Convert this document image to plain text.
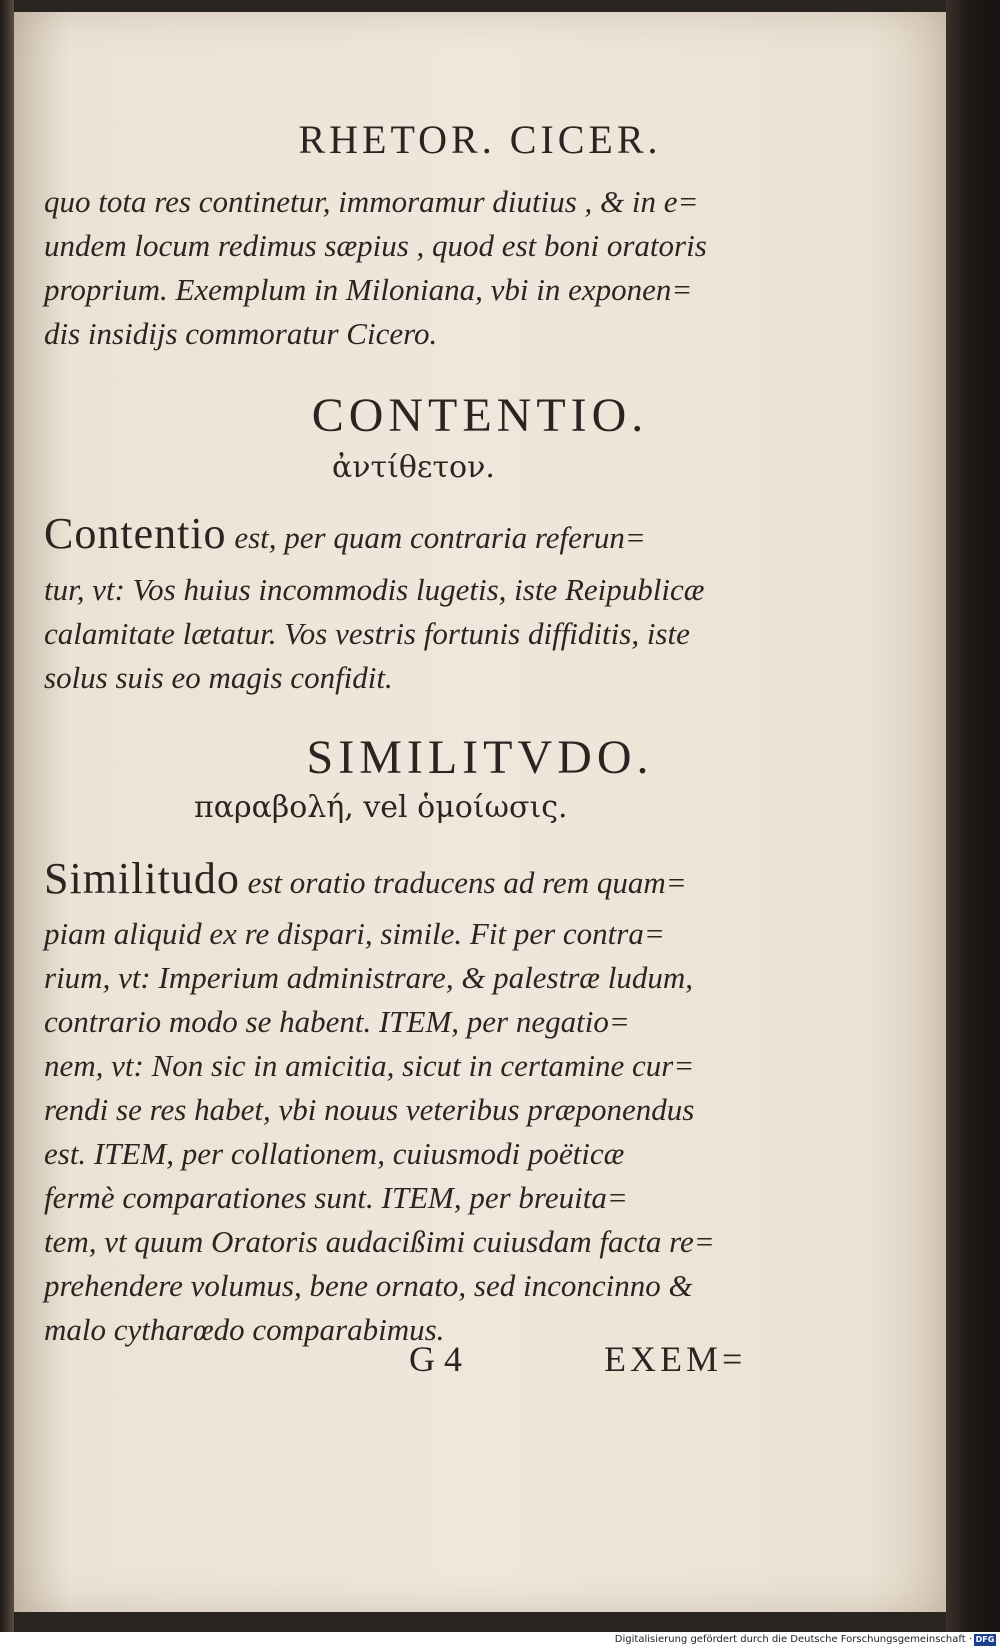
RHETOR. CICER.
quo tota res continetur, immoramur diutius , & in e=
undem locum redimus sæpius , quod est boni oratoris
proprium. Exemplum in Miloniana, vbi in exponen=
dis insidijs commoratur Cicero.
CONTENTIO.
ἀντίθετον.
Contentio est, per quam contraria referun=
tur, vt: Vos huius incommodis lugetis, iste Reipublicæ
calamitate lætatur. Vos vestris fortunis diffiditis, iste
solus suis eo magis confidit.
SIMILITVDO.
παραβολή, vel ὁμοίωσις.
Similitudo est oratio traducens ad rem quam=
piam aliquid ex re dispari, simile. Fit per contra=
rium, vt: Imperium administrare, & palestræ ludum,
contrario modo se habent. ITEM, per negatio=
nem, vt: Non sic in amicitia, sicut in certamine cur=
rendi se res habet, vbi nouus veteribus præponendus
est. ITEM, per collationem, cuiusmodi poëticæ
fermè comparationes sunt. ITEM, per breuita=
tem, vt quum Oratoris audacißimi cuiusdam facta re=
prehendere volumus, bene ornato, sed inconcinno &
malo cytharœdo comparabimus.
G 4	EXEM=
Digitalisierung gefördert durch die Deutsche Forschungsgemeinschaft · DFG
